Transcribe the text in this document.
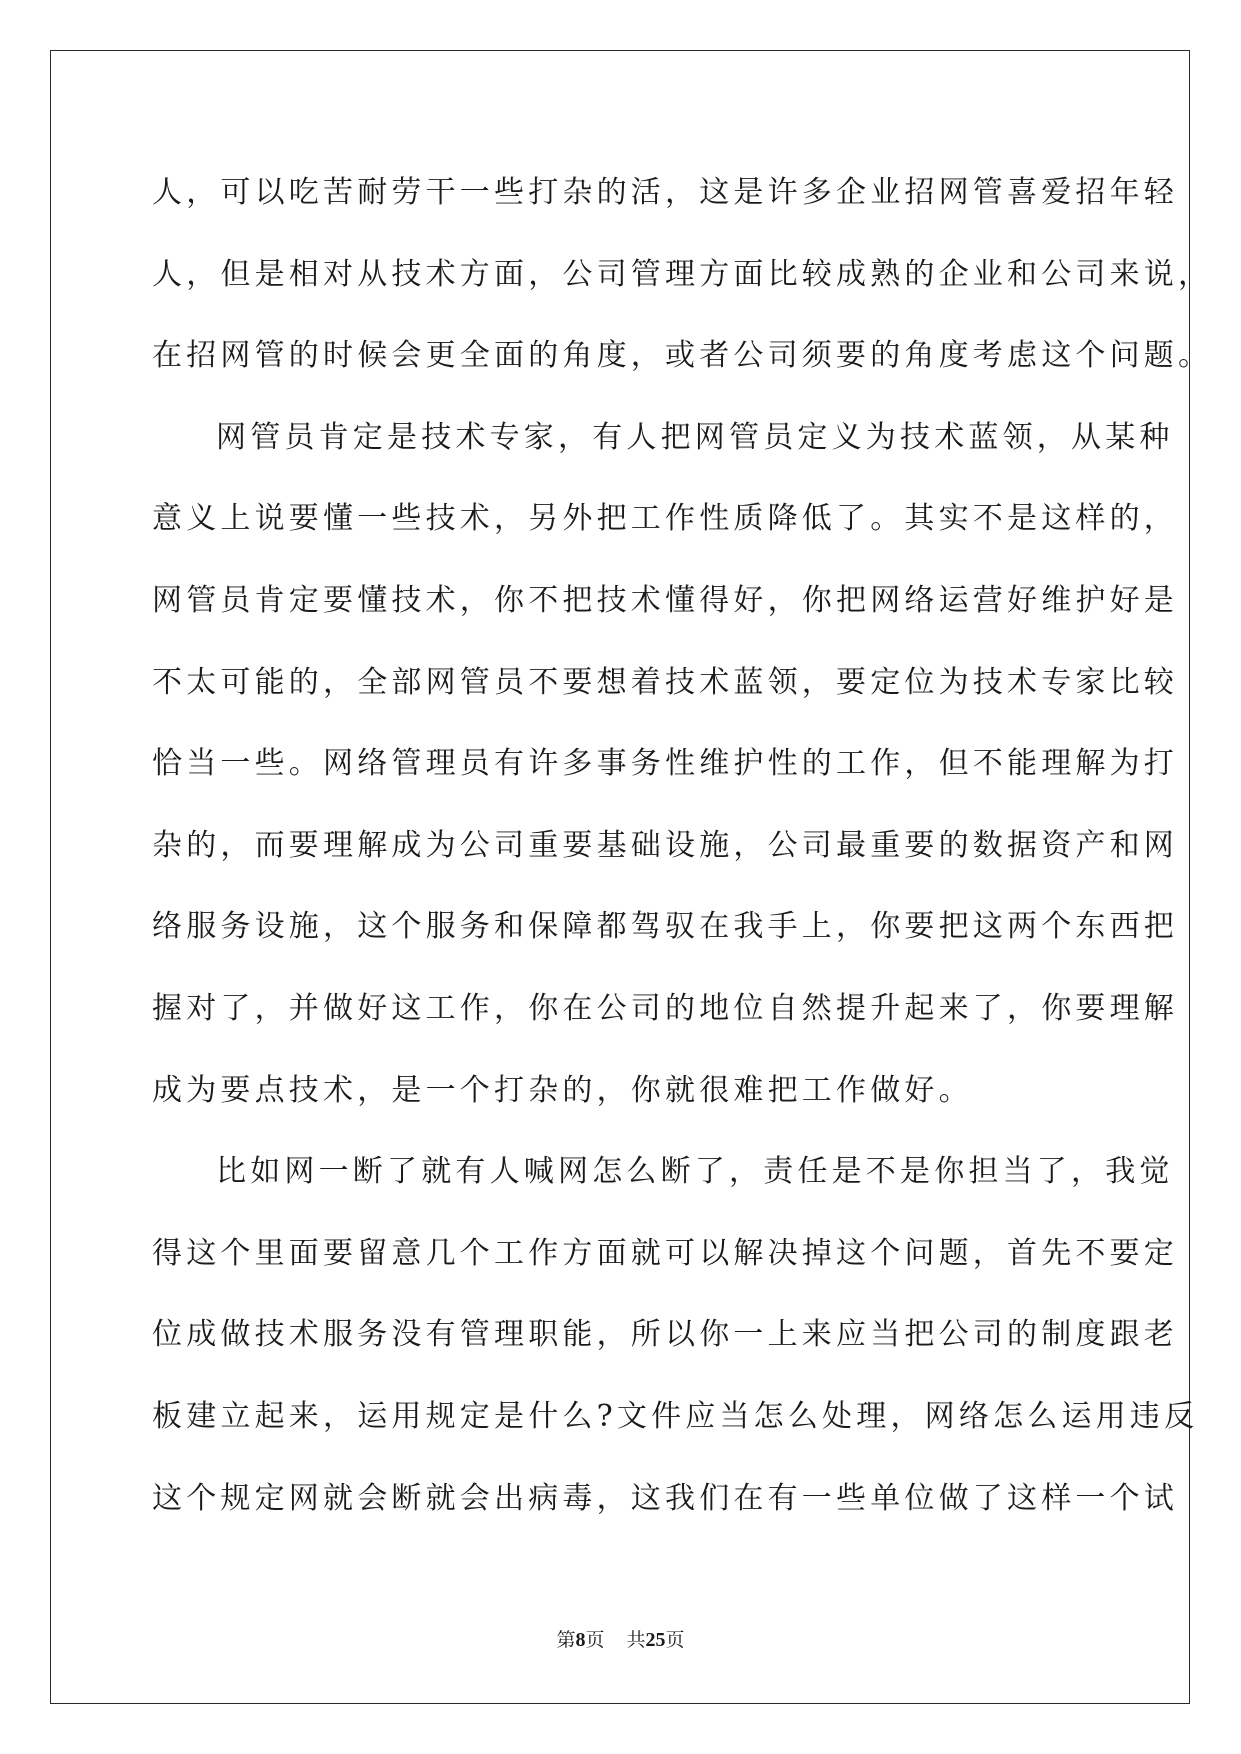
人，可以吃苦耐劳干一些打杂的活，这是许多企业招网管喜爱招年轻
人，但是相对从技术方面，公司管理方面比较成熟的企业和公司来说，
在招网管的时候会更全面的角度，或者公司须要的角度考虑这个问题。
网管员肯定是技术专家，有人把网管员定义为技术蓝领，从某种
意义上说要懂一些技术，另外把工作性质降低了。其实不是这样的，
网管员肯定要懂技术，你不把技术懂得好，你把网络运营好维护好是
不太可能的，全部网管员不要想着技术蓝领，要定位为技术专家比较
恰当一些。网络管理员有许多事务性维护性的工作，但不能理解为打
杂的，而要理解成为公司重要基础设施，公司最重要的数据资产和网
络服务设施，这个服务和保障都驾驭在我手上，你要把这两个东西把
握对了，并做好这工作，你在公司的地位自然提升起来了，你要理解
成为要点技术，是一个打杂的，你就很难把工作做好。
比如网一断了就有人喊网怎么断了，责任是不是你担当了，我觉
得这个里面要留意几个工作方面就可以解决掉这个问题，首先不要定
位成做技术服务没有管理职能，所以你一上来应当把公司的制度跟老
板建立起来，运用规定是什么?文件应当怎么处理，网络怎么运用违反
这个规定网就会断就会出病毒，这我们在有一些单位做了这样一个试
第8页 共25页
